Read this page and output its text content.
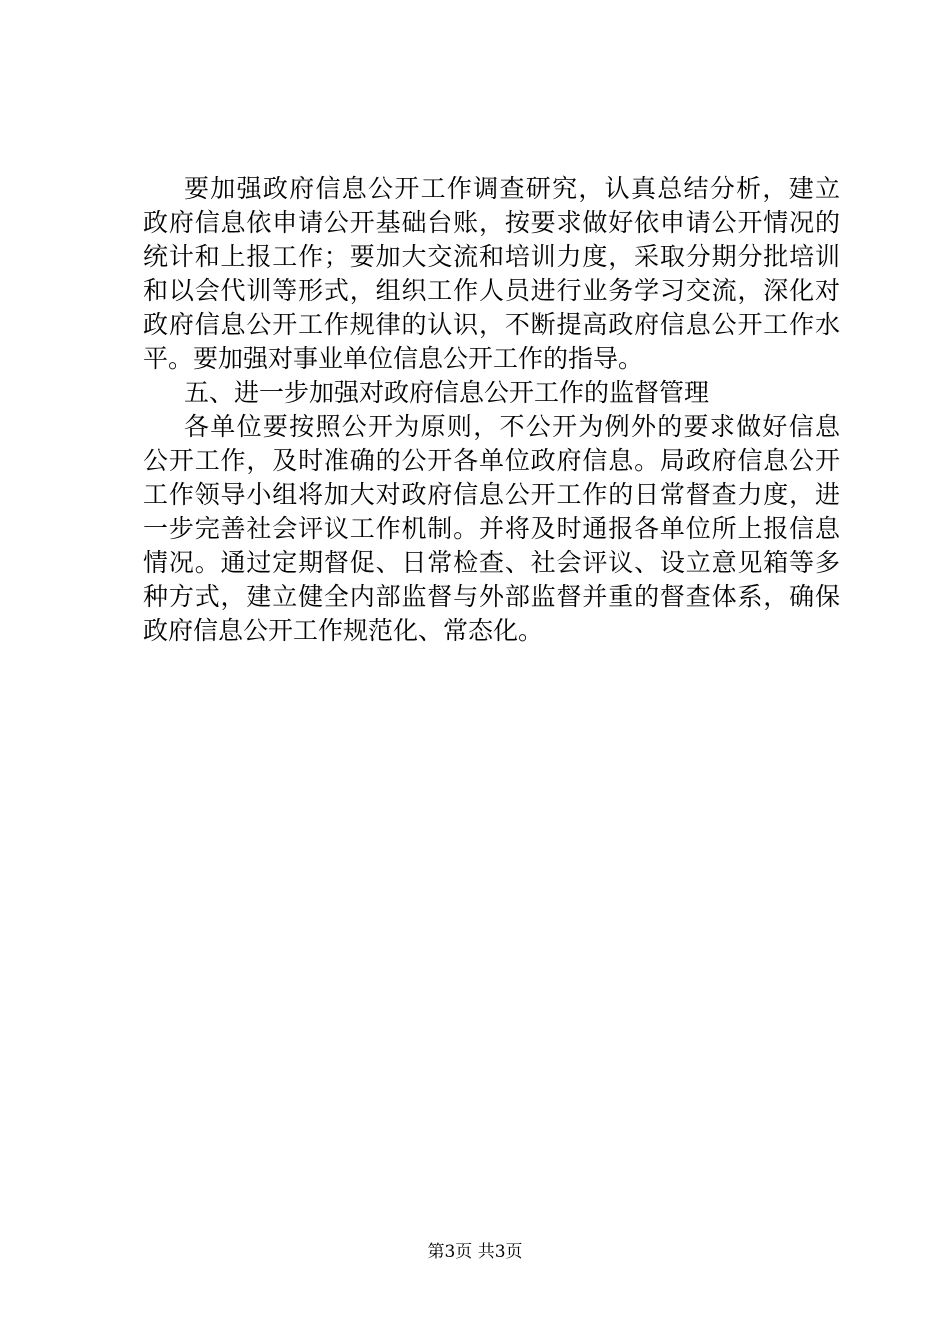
要加强政府信息公开工作调查研究，认真总结分析，建立
政府信息依申请公开基础台账，按要求做好依申请公开情况的
统计和上报工作；要加大交流和培训力度，采取分期分批培训
和以会代训等形式，组织工作人员进行业务学习交流，深化对
政府信息公开工作规律的认识，不断提高政府信息公开工作水
平。要加强对事业单位信息公开工作的指导。
五、进一步加强对政府信息公开工作的监督管理
各单位要按照公开为原则，不公开为例外的要求做好信息
公开工作，及时准确的公开各单位政府信息。局政府信息公开
工作领导小组将加大对政府信息公开工作的日常督查力度，进
一步完善社会评议工作机制。并将及时通报各单位所上报信息
情况。通过定期督促、日常检查、社会评议、设立意见箱等多
种方式，建立健全内部监督与外部监督并重的督查体系，确保
政府信息公开工作规范化、常态化。
第3页 共3页
